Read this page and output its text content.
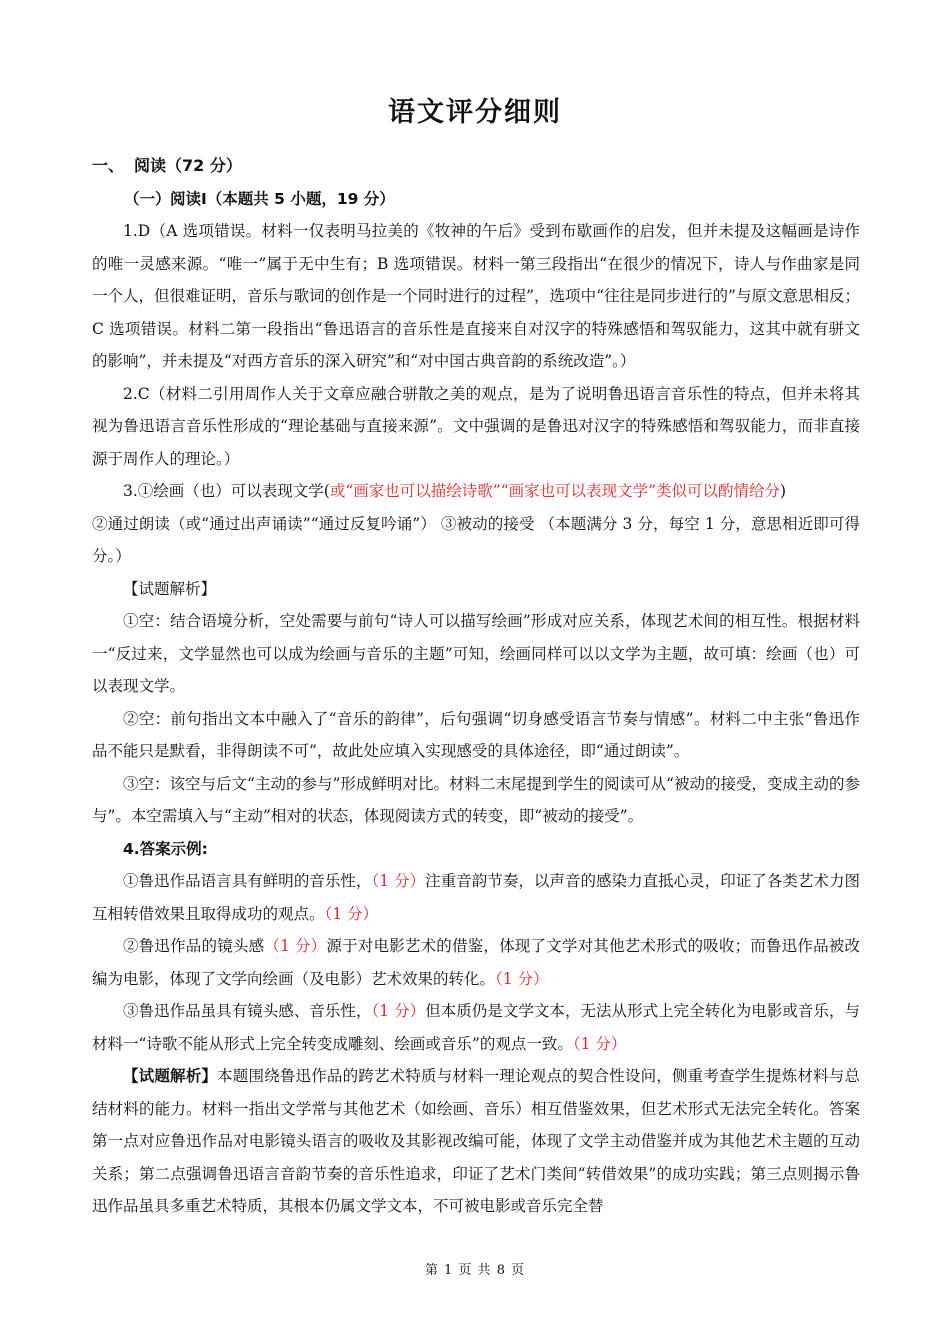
语文评分细则
一、 阅读（72 分）
（一）阅读I（本题共 5 小题，19 分）

1.D（A 选项错误。材料一仅表明马拉美的《牧神的午后》受到布歇画作的启发，但并未提及这幅画是诗作的唯一灵感来源。“唯一”属于无中生有；B 选项错误。材料一第三段指出“在很少的情况下，诗人与作曲家是同一个人，但很难证明，音乐与歌词的创作是一个同时进行的过程”，选项中“往往是同步进行的”与原文意思相反；C 选项错误。材料二第一段指出“鲁迅语言的音乐性是直接来自对汉字的特殊感悟和驾驭能力，这其中就有骈文的影响”，并未提及“对西方音乐的深入研究”和“对中国古典音韵的系统改造”。）

2.C（材料二引用周作人关于文章应融合骈散之美的观点，是为了说明鲁迅语言音乐性的特点，但并未将其视为鲁迅语言音乐性形成的“理论基础与直接来源”。文中强调的是鲁迅对汉字的特殊感悟和驾驭能力，而非直接源于周作人的理论。）

3.①绘画（也）可以表现文学(或“画家也可以描绘诗歌”“画家也可以表现文学”类似可以酌情给分)

②通过朗读（或“通过出声诵读”“通过反复吟诵”） ③被动的接受 （本题满分 3 分，每空 1 分，意思相近即可得分。）

【试题解析】

①空：结合语境分析，空处需要与前句“诗人可以描写绘画”形成对应关系，体现艺术间的相互性。根据材料一“反过来，文学显然也可以成为绘画与音乐的主题”可知，绘画同样可以以文学为主题，故可填：绘画（也）可以表现文学。

②空：前句指出文本中融入了“音乐的韵律”，后句强调“切身感受语言节奏与情感”。材料二中主张“鲁迅作品不能只是默看，非得朗读不可”，故此处应填入实现感受的具体途径，即“通过朗读”。

③空：该空与后文“主动的参与”形成鲜明对比。材料二末尾提到学生的阅读可从“被动的接受，变成主动的参与”。本空需填入与“主动”相对的状态，体现阅读方式的转变，即“被动的接受”。

4.答案示例:

①鲁迅作品语言具有鲜明的音乐性，（1 分）注重音韵节奏，以声音的感染力直抵心灵，印证了各类艺术力图互相转借效果且取得成功的观点。（1 分）

②鲁迅作品的镜头感（1 分）源于对电影艺术的借鉴，体现了文学对其他艺术形式的吸收；而鲁迅作品被改编为电影，体现了文学向绘画（及电影）艺术效果的转化。（1 分）

③鲁迅作品虽具有镜头感、音乐性，（1 分）但本质仍是文学文本，无法从形式上完全转化为电影或音乐，与材料一“诗歌不能从形式上完全转变成雕刻、绘画或音乐”的观点一致。（1 分）

【试题解析】本题围绕鲁迅作品的跨艺术特质与材料一理论观点的契合性设问，侧重考查学生提炼材料与总结材料的能力。材料一指出文学常与其他艺术（如绘画、音乐）相互借鉴效果，但艺术形式无法完全转化。答案第一点对应鲁迅作品对电影镜头语言的吸收及其影视改编可能，体现了文学主动借鉴并成为其他艺术主题的互动关系；第二点强调鲁迅语言音韵节奏的音乐性追求，印证了艺术门类间“转借效果”的成功实践；第三点则揭示鲁迅作品虽具多重艺术特质，其根本仍属文学文本，不可被电影或音乐完全替

第 1 页 共 8 页
